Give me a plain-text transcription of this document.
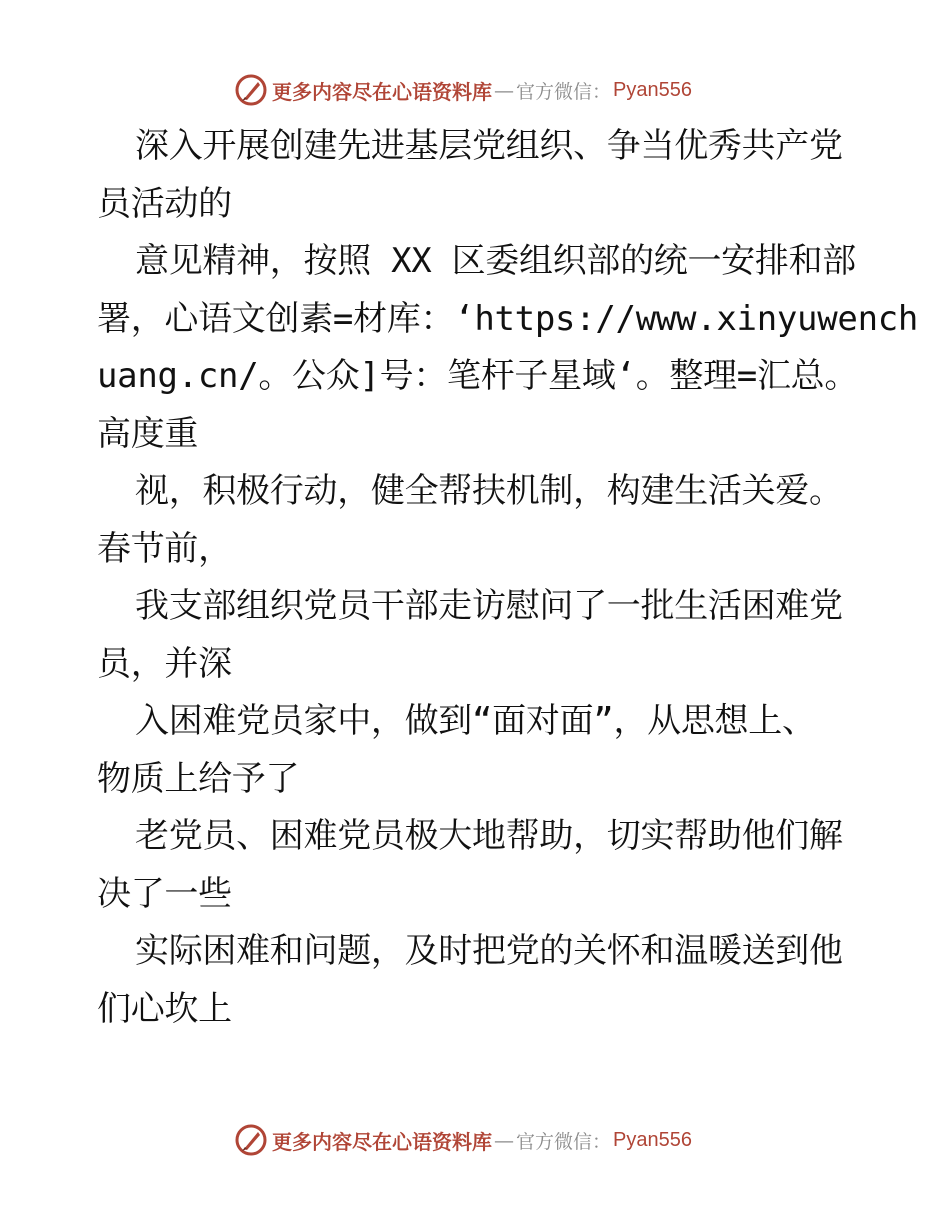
更多内容尽在心语资料库 — 官方微信： Pyan556
深入开展创建先进基层党组织、争当优秀共产党
员活动的
意见精神，按照 XX 区委组织部的统一安排和部
署，心语文创素=材库：‘https://www.xinyuwench
uang.cn/。公众]号：笔杆子星域‘。整理=汇总。
高度重
视，积极行动，健全帮扶机制，构建生活关爱。
春节前，
我支部组织党员干部走访慰问了一批生活困难党
员，并深
入困难党员家中，做到“面对面”，从思想上、
物质上给予了
老党员、困难党员极大地帮助，切实帮助他们解
决了一些
实际困难和问题，及时把党的关怀和温暖送到他
们心坎上
更多内容尽在心语资料库 — 官方微信： Pyan556
